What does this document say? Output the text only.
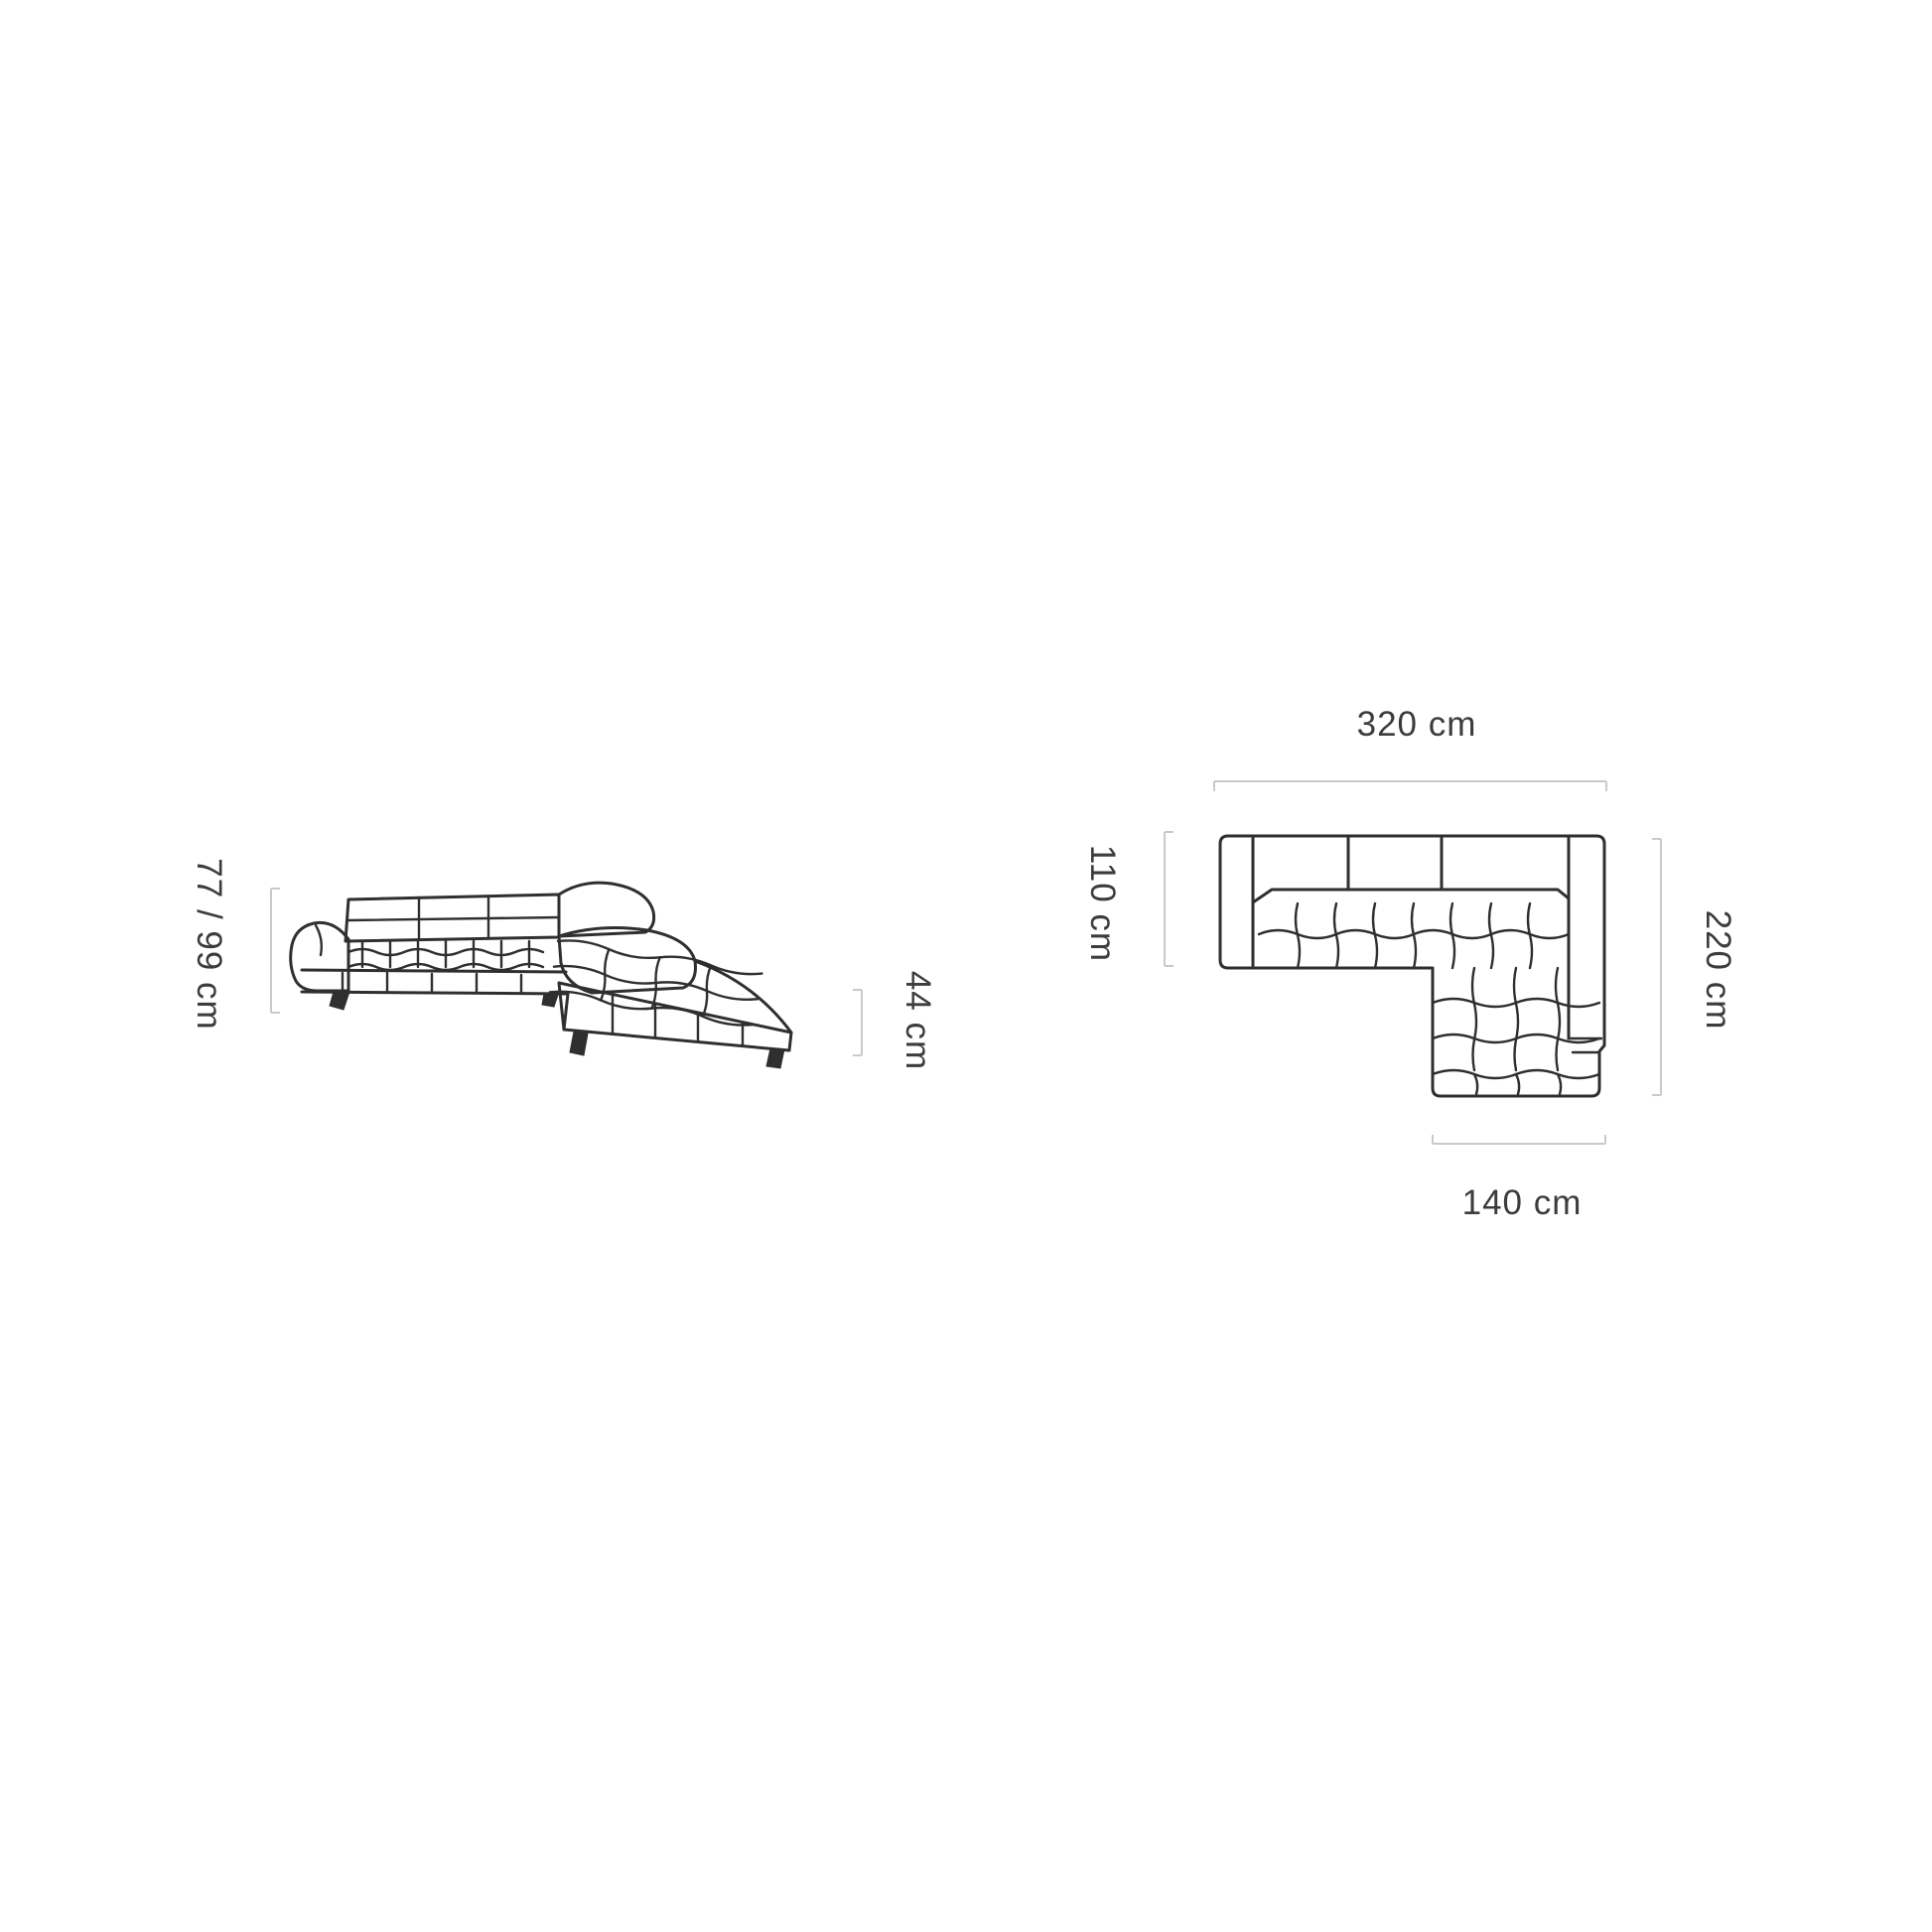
77 / 99 cm	44 cm
320 cm
110 cm
220 cm
140 cm
